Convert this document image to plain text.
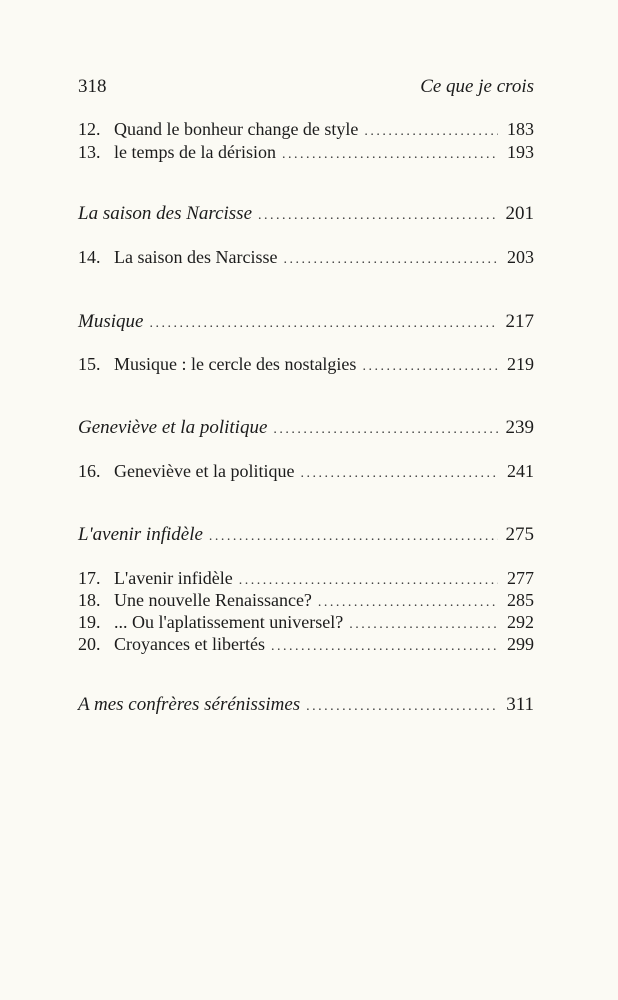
318	Ce que je crois
12. Quand le bonheur change de style . . .	183
13. le temps de la dérision . . .	193
La saison des Narcisse . . .	201
14. La saison des Narcisse . . .	203
Musique . . .	217
15. Musique : le cercle des nostalgies . . .	219
Geneviève et la politique . . .	239
16. Geneviève et la politique . . .	241
L'avenir infidèle . . .	275
17. L'avenir infidèle . . .	277
18. Une nouvelle Renaissance? . . .	285
19. ... Ou l'aplatissement universel? . . .	292
20. Croyances et libertés . . .	299
A mes confrères sérénissimes . . .	311
